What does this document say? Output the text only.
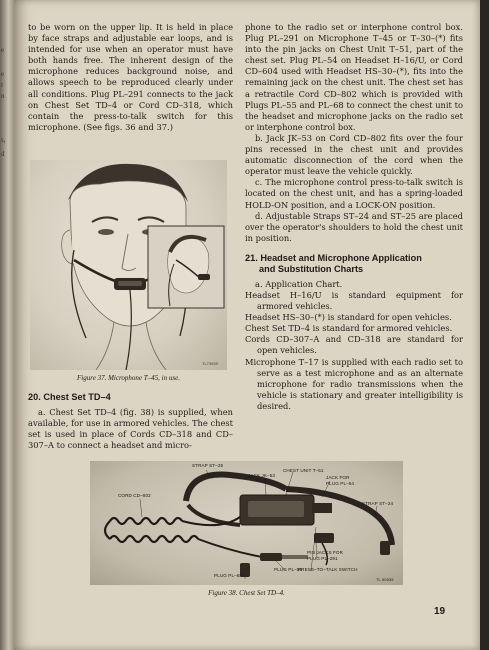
e
e
r
n
s,
d

to be worn on the upper lip. It is held in place by face straps and adjustable ear loops, and is intended for use when an operator must have both hands free. The inherent design of the microphone reduces background noise, and allows speech to be reproduced clearly under all conditions. Plug PL–291 connects to the jack on Chest Set TD–4 or Cord CD–318, which contain the press-to-talk switch for this microphone. (See figs. 36 and 37.)

TL73939
Figure 37. Microphone T–45, in use.
20. Chest Set TD–4

a. Chest Set TD–4 (fig. 38) is supplied, when available, for use in armored vehicles. The chest set is used in place of Cords CD–318 and CD–307–A to connect a headset and micro-

phone to the radio set or interphone control box. Plug PL–291 on Microphone T–45 or T–30–(*) fits into the pin jacks on Chest Unit T–51, part of the chest set. Plug PL–54 on Headset H–16/U, or Cord CD–604 used with Headset HS–30–(*), fits into the remaining jack on the chest unit. The chest set has a retractile Cord CD–802 which is provided with Plugs PL–55 and PL–68 to connect the chest unit to the headset and microphone jacks on the radio set or interphone control box.

b. Jack JK–53 on Cord CD–802 fits over the four pins recessed in the chest unit and provides automatic disconnection of the cord when the operator must leave the vehicle quickly.

c. The microphone control press-to-talk switch is located on the chest unit, and has a spring-loaded HOLD-ON position, and a LOCK-ON position.

d. Adjustable Straps ST–24 and ST–25 are placed over the operator's shoulders to hold the chest unit in position.

21. Headset and Microphone Application
and Substitution Charts

a. Application Chart.

Headset H–16/U is standard equipment for armored vehicles.

Headset HS–30–(*) is standard for open vehicles.

Chest Set TD–4 is standard for armored vehicles.

Cords CD–307–A and CD–318 are standard for open vehicles.

Microphone T–17 is supplied with each radio set to serve as a test microphone and as an alternate microphone for radio transmissions when the vehicle is stationary and greater intelligibility is desired.

STRAP ST–25
JACK JK–53
CHEST UNIT T–51
JACK FOR
PLUG PL–54
STRAP ST–24
CORD CD–802
PIN JACKS FOR
PLUG PL–291
PLUG PL–55
PRESS–TO–TALK SWITCH
PLUG PL–68
TL 90935
Figure 38. Chest Set TD–4.
19
